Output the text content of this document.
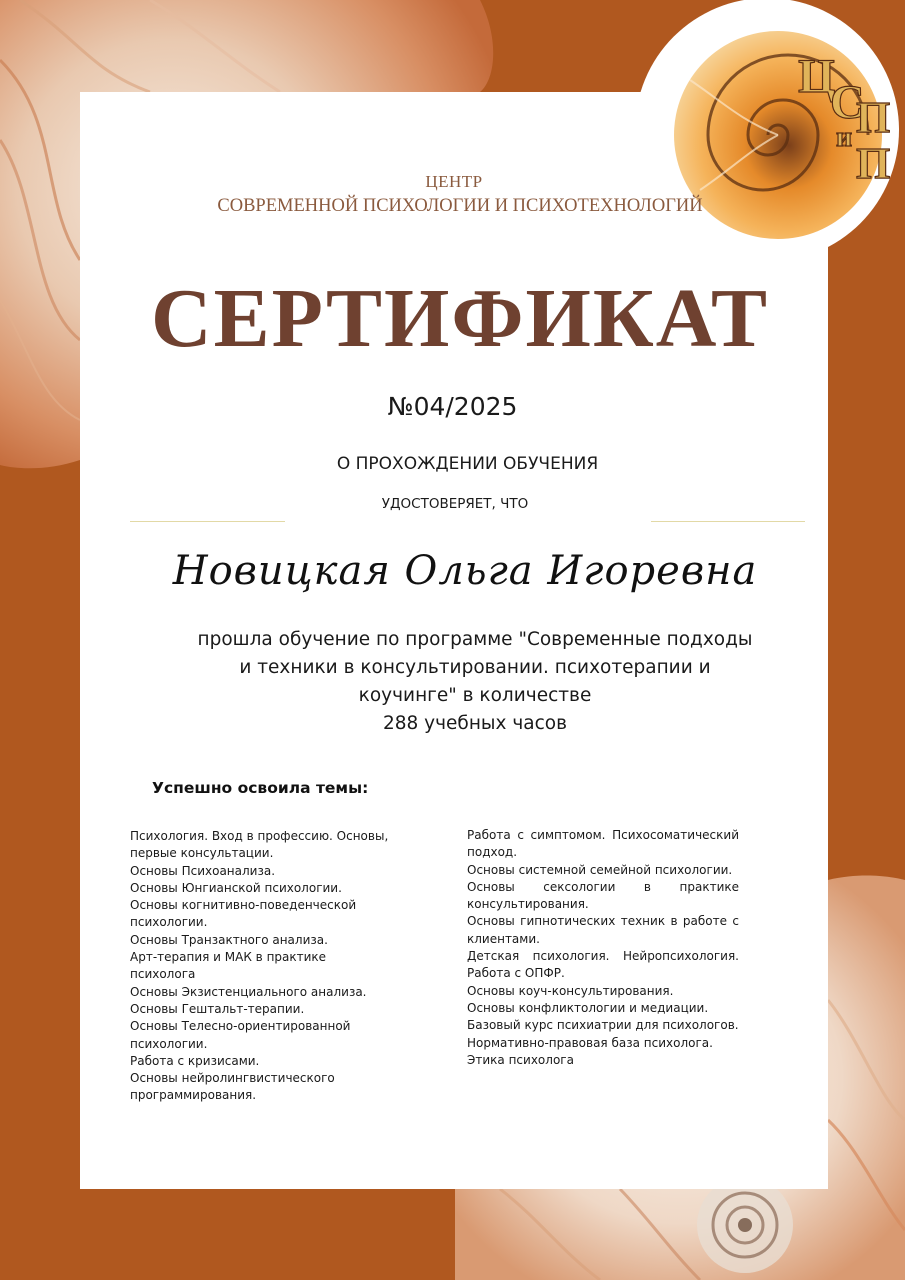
Ц
С
П
и
П
ЦЕНТР
СОВРЕМЕННОЙ ПСИХОЛОГИИ И ПСИХОТЕХНОЛОГИЙ
СЕРТИФИКАТ
№04/2025
О ПРОХОЖДЕНИИ ОБУЧЕНИЯ
УДОСТОВЕРЯЕТ, ЧТО
Новицкая Ольга Игоревна
прошла обучение по программе "Современные подходы
и техники в консультировании. психотерапии и
коучинге" в количестве
288 учебных часов
Успешно освоила темы:
Психология. Вход в профессию. Основы, первые консультации.
Основы Психоанализа.
Основы Юнгианской психологии.
Основы когнитивно-поведенческой психологии.
Основы Транзактного анализа.
Арт-терапия и МАК в практике психолога
Основы Экзистенциального анализа.
Основы Гештальт-терапии.
Основы Телесно-ориентированной психологии.
Работа с кризисами.
Основы нейролингвистического программирования.
Работа с симптомом. Психосоматический подход.
Основы системной семейной психологии.
Основы сексологии в практике консультирования.
Основы гипнотических техник в работе с клиентами.
Детская психология. Нейропсихология. Работа с ОПФР.
Основы коуч-консультирования.
Основы конфликтологии и медиации.
Базовый курс психиатрии для психологов.
Нормативно-правовая база психолога.
Этика психолога
